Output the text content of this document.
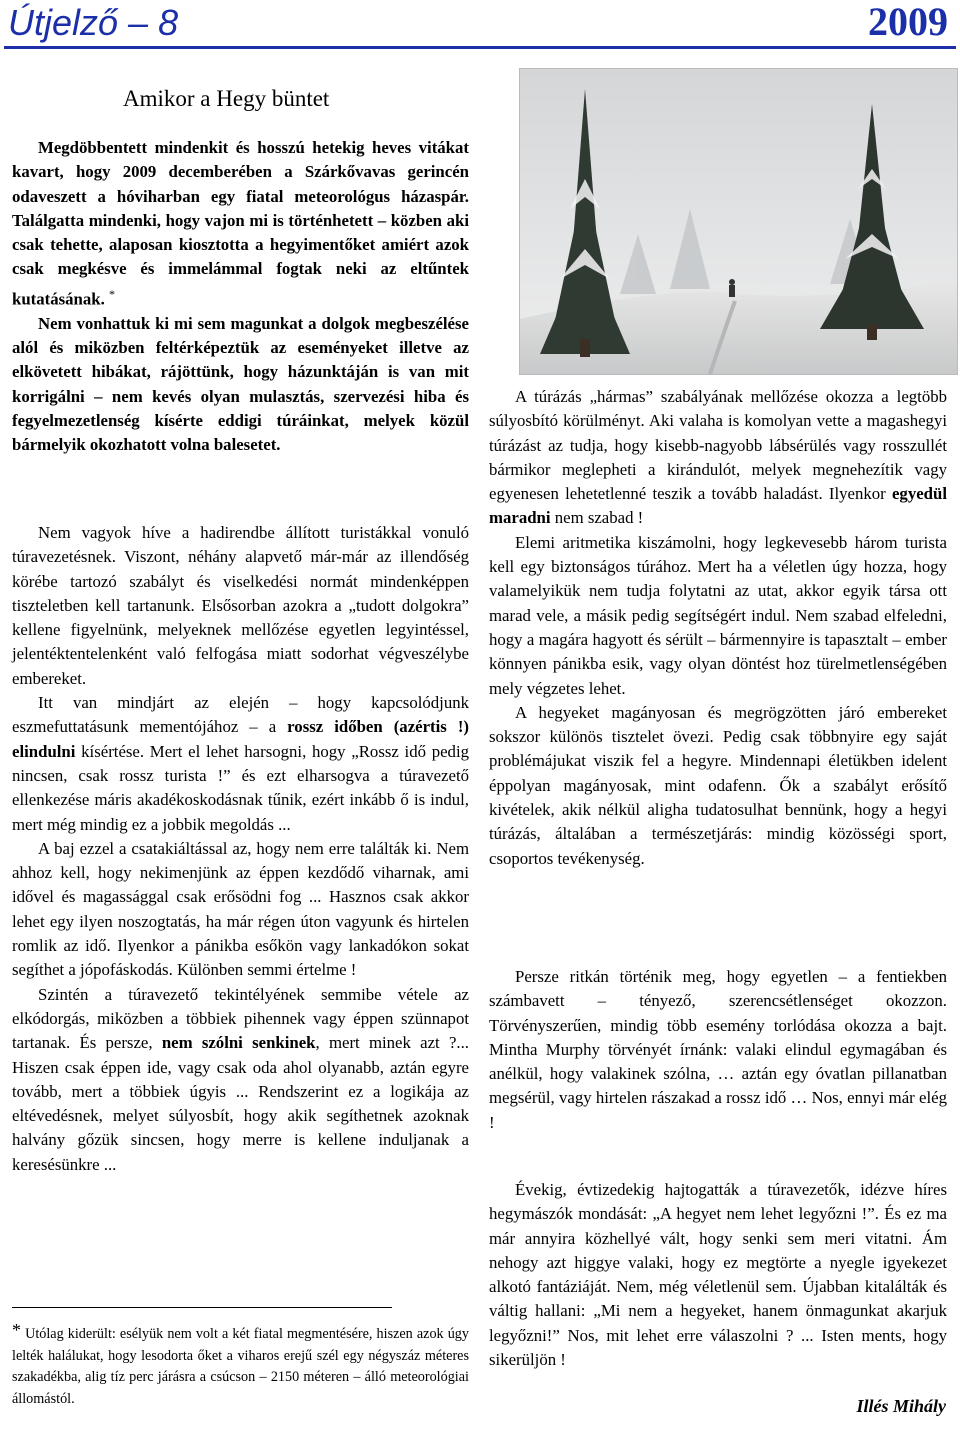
Útjelző – 8	2009
Amikor a Hegy büntet

Megdöbbentett mindenkit és hosszú hetekig heves vitákat kavart, hogy 2009 decemberében a Szárkővavas gerincén odaveszett a hóviharban egy fiatal meteorológus házaspár. Találgatta mindenki, hogy vajon mi is történhetett – közben aki csak tehette, alaposan kiosztotta a hegyimentőket amiért azok csak megkésve és immelámmal fogtak neki az eltűntek kutatásának. *

Nem vonhattuk ki mi sem magunkat a dolgok megbeszélése alól és miközben feltérképeztük az eseményeket illetve az elkövetett hibákat, rájöttünk, hogy házunktáján is van mit korrigálni – nem kevés olyan mulasztás, szervezési hiba és fegyelmezetlenség kísérte eddigi túráinkat, melyek közül bármelyik okozhatott volna balesetet.

Nem vagyok híve a hadirendbe állított turistákkal vonuló túravezetésnek. Viszont, néhány alapvető már-már az illendőség körébe tartozó szabályt és viselkedési normát mindenképpen tiszteletben kell tartanunk. Elsősorban azokra a „tudott dolgokra” kellene figyelnünk, melyeknek mellőzése egyetlen legyintéssel, jelentéktentelenként való felfogása miatt sodorhat végveszélybe embereket.

Itt van mindjárt az elején – hogy kapcsolódjunk eszmefuttatásunk mementójához – a rossz időben (azértis !) elindulni kísértése. Mert el lehet harsogni, hogy „Rossz idő pedig nincsen, csak rossz turista !” és ezt elharsogva a túravezető ellenkezése máris akadékoskodásnak tűnik, ezért inkább ő is indul, mert még mindig ez a jobbik megoldás ...

A baj ezzel a csatakiáltással az, hogy nem erre találták ki. Nem ahhoz kell, hogy nekimenjünk az éppen kezdődő viharnak, ami idővel és magassággal csak erősödni fog ... Hasznos csak akkor lehet egy ilyen noszogtatás, ha már régen úton vagyunk és hirtelen romlik az idő. Ilyenkor a pánikba esőkön vagy lankadókon sokat segíthet a jópofáskodás. Különben semmi értelme !

Szintén a túravezető tekintélyének semmibe vétele az elkódorgás, miközben a többiek pihennek vagy éppen szünnapot tartanak. És persze, nem szólni senkinek, mert minek azt ?... Hiszen csak éppen ide, vagy csak oda ahol olyanabb, aztán egyre tovább, mert a többiek úgyis ... Rendszerint ez a logikája az eltévedésnek, melyet súlyosbít, hogy akik segíthetnek azoknak halvány gőzük sincsen, hogy merre is kellene induljanak a keresésünkre ...

* Utólag kiderült: esélyük nem volt a két fiatal megmentésére, hiszen azok úgy lelték halálukat, hogy lesodorta őket a viharos erejű szél egy négyszáz méteres szakadékba, alig tíz perc járásra a csúcson – 2150 méteren – álló meteorológiai állomástól.

A túrázás „hármas” szabályának mellőzése okozza a legtöbb súlyosbító körülményt. Aki valaha is komolyan vette a magashegyi túrázást az tudja, hogy kisebb-nagyobb lábsérülés vagy rosszullét bármikor meglepheti a kirándulót, melyek megnehezítik vagy egyenesen lehetetlenné teszik a tovább haladást. Ilyenkor egyedül maradni nem szabad !

Elemi aritmetika kiszámolni, hogy legkevesebb három turista kell egy biztonságos túrához. Mert ha a véletlen úgy hozza, hogy valamelyikük nem tudja folytatni az utat, akkor egyik társa ott marad vele, a másik pedig segítségért indul. Nem szabad elfeledni, hogy a magára hagyott és sérült – bármennyire is tapasztalt – ember könnyen pánikba esik, vagy olyan döntést hoz türelmetlenségében mely végzetes lehet.

A hegyeket magányosan és megrögzötten járó embereket sokszor különös tisztelet övezi. Pedig csak többnyire egy saját problémájukat viszik fel a hegyre. Mindennapi életükben idelent éppolyan magányosak, mint odafenn. Ők a szabályt erősítő kivételek, akik nélkül aligha tudatosulhat bennünk, hogy a hegyi túrázás, általában a természetjárás: mindig közösségi sport, csoportos tevékenység.

Persze ritkán történik meg, hogy egyetlen – a fentiekben számbavett – tényező, szerencsétlenséget okozzon. Törvényszerűen, mindig több esemény torlódása okozza a bajt. Mintha Murphy törvényét írnánk: valaki elindul egymagában és anélkül, hogy valakinek szólna, … aztán egy óvatlan pillanatban megsérül, vagy hirtelen rászakad a rossz idő … Nos, ennyi már elég !

Évekig, évtizedekig hajtogatták a túravezetők, idézve híres hegymászók mondását: „A hegyet nem lehet legyőzni !”. És ez ma már annyira közhellyé vált, hogy senki sem meri vitatni. Ám nehogy azt higgye valaki, hogy ez megtörte a nyegle igyekezet alkotó fantáziáját. Nem, még véletlenül sem. Újabban kitalálták és váltig hallani: „Mi nem a hegyeket, hanem önmagunkat akarjuk legyőzni!” Nos, mit lehet erre válaszolni ? ... Isten ments, hogy sikerüljön !

Illés Mihály
